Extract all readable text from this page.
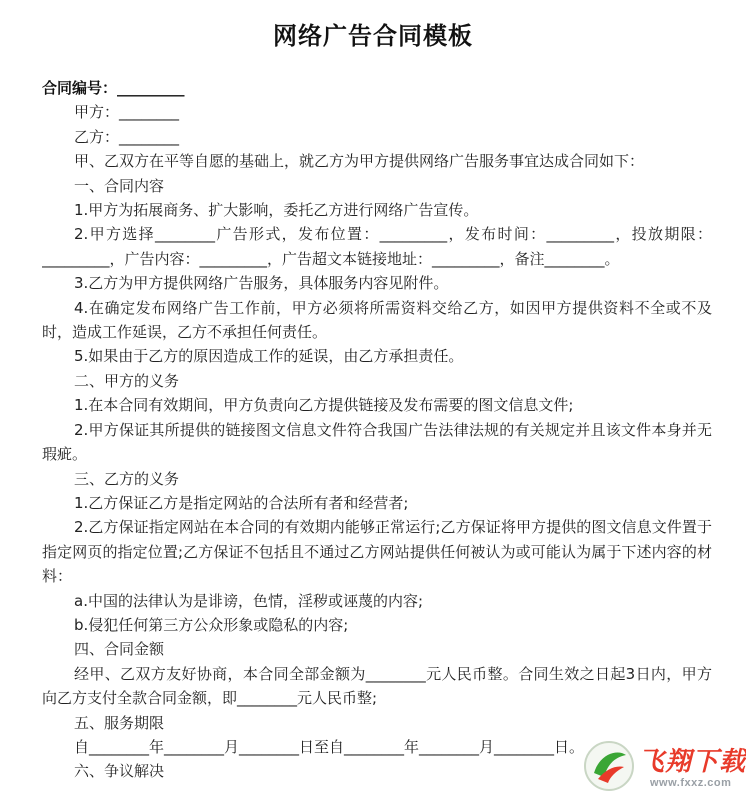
网络广告合同模板

合同编号：_________

甲方：________

乙方：________

甲、乙双方在平等自愿的基础上，就乙方为甲方提供网络广告服务事宜达成合同如下：

一、合同内容

1.甲方为拓展商务、扩大影响，委托乙方进行网络广告宣传。

2.甲方选择________广告形式，发布位置：_________，发布时间：_________，投放期限：_________，广告内容：_________，广告超文本链接地址：_________，备注________。

3.乙方为甲方提供网络广告服务，具体服务内容见附件。

4.在确定发布网络广告工作前，甲方必须将所需资料交给乙方，如因甲方提供资料不全或不及时，造成工作延误，乙方不承担任何责任。

5.如果由于乙方的原因造成工作的延误，由乙方承担责任。

二、甲方的义务

1.在本合同有效期间，甲方负责向乙方提供链接及发布需要的图文信息文件;

2.甲方保证其所提供的链接图文信息文件符合我国广告法律法规的有关规定并且该文件本身并无瑕疵。

三、乙方的义务

1.乙方保证乙方是指定网站的合法所有者和经营者;

2.乙方保证指定网站在本合同的有效期内能够正常运行;乙方保证将甲方提供的图文信息文件置于指定网页的指定位置;乙方保证不包括且不通过乙方网站提供任何被认为或可能认为属于下述内容的材料：

a.中国的法律认为是诽谤，色情，淫秽或诬蔑的内容;

b.侵犯任何第三方公众形象或隐私的内容;

四、合同金额

经甲、乙双方友好协商，本合同全部金额为________元人民币整。合同生效之日起3日内，甲方向乙方支付全款合同金额，即________元人民币整;

五、服务期限

自________年________月________日至自________年________月________日。

六、争议解决	飞翔下载
www.fxxz.com
